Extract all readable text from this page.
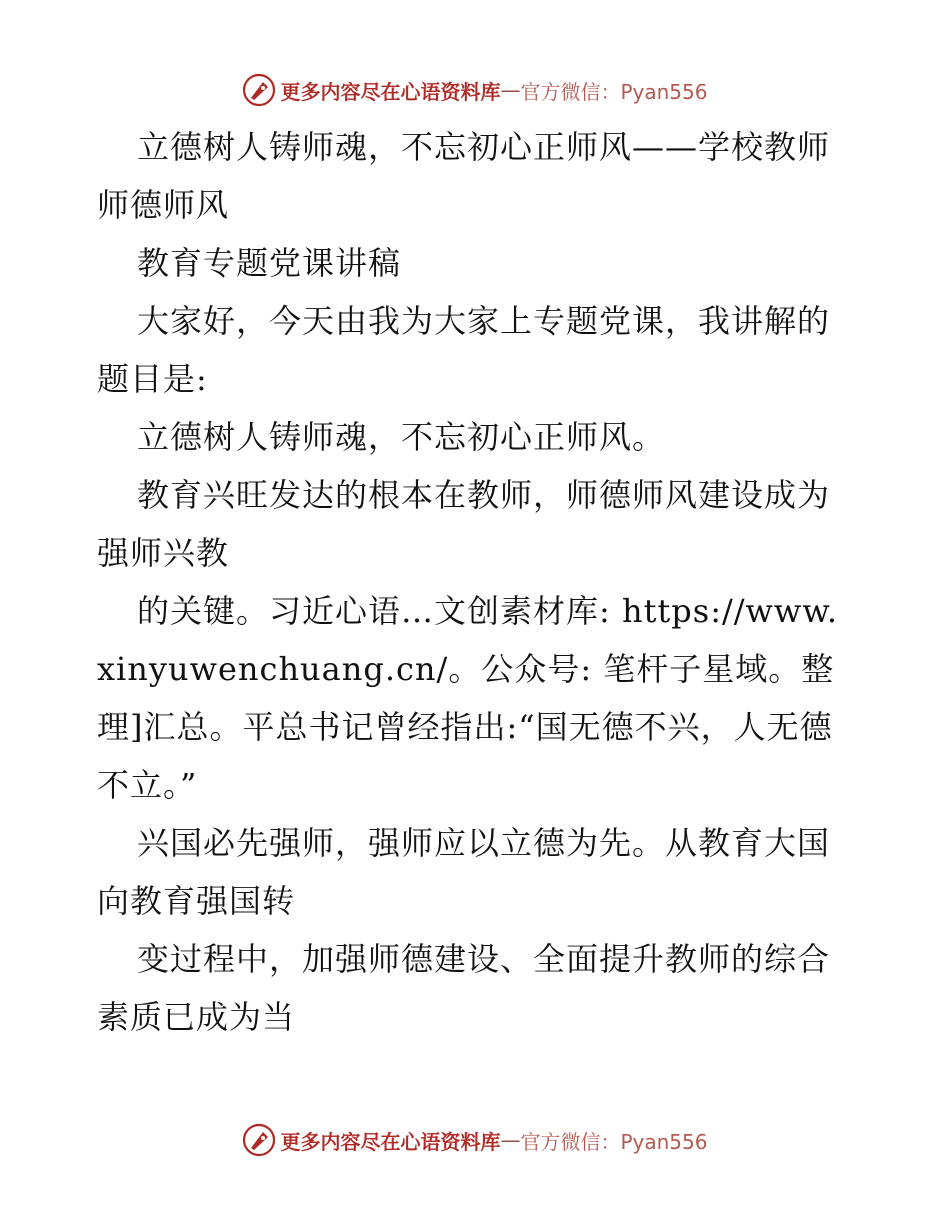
更多内容尽在心语资料库 — 官方微信：Pyan556

立德树人铸师魂，不忘初心正师风——学校教师师德师风

教育专题党课讲稿

大家好，今天由我为大家上专题党课，我讲解的题目是:

立德树人铸师魂，不忘初心正师风。

教育兴旺发达的根本在教师，师德师风建设成为强师兴教

的关键。习近心语…文创素材库: https://www.xinyuwenchuang.cn/。公众号: 笔杆子星域。整理]汇总。平总书记曾经指出:“国无德不兴，人无德不立。”

兴国必先强师，强师应以立德为先。从教育大国向教育强国转

变过程中，加强师德建设、全面提升教师的综合素质已成为当

更多内容尽在心语资料库 — 官方微信：Pyan556
